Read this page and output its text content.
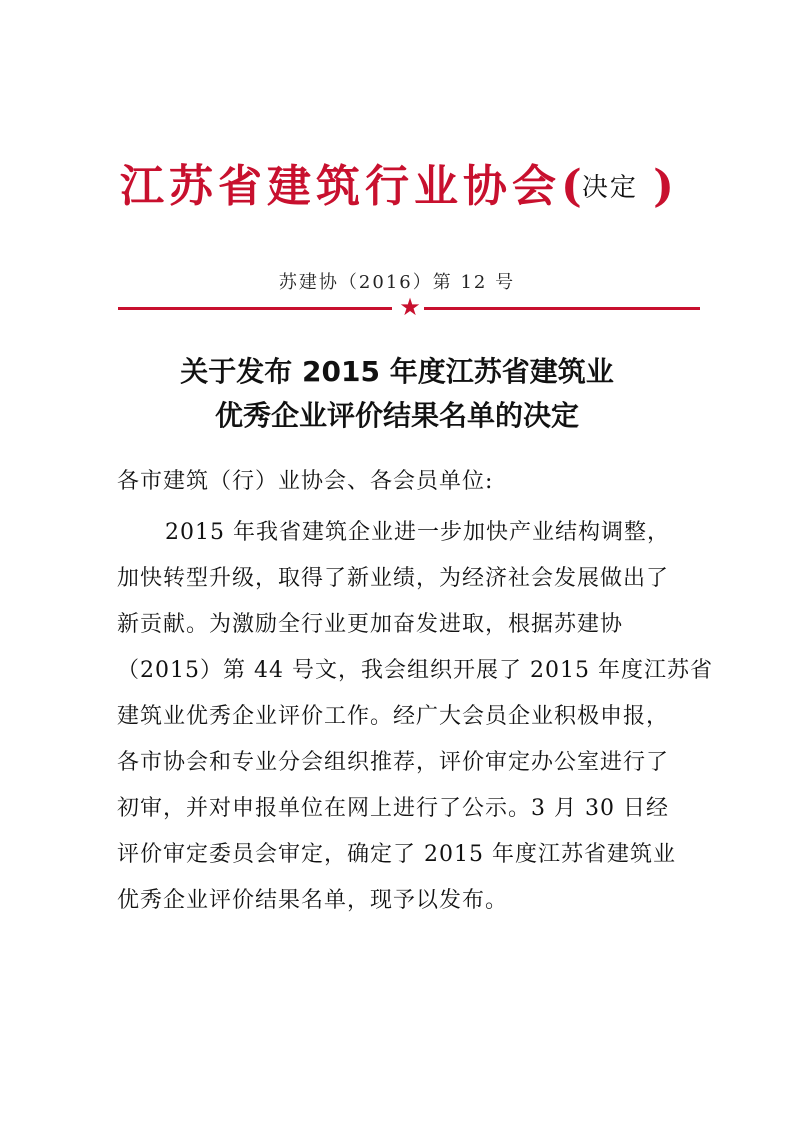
江苏省建筑行业协会(决定 )
苏建协（2016）第 12 号
★
关于发布 2015 年度江苏省建筑业
优秀企业评价结果名单的决定
各市建筑（行）业协会、各会员单位:
2015 年我省建筑企业进一步加快产业结构调整，
加快转型升级，取得了新业绩，为经济社会发展做出了
新贡献。为激励全行业更加奋发进取，根据苏建协
（2015）第 44 号文，我会组织开展了 2015 年度江苏省
建筑业优秀企业评价工作。经广大会员企业积极申报，
各市协会和专业分会组织推荐，评价审定办公室进行了
初审，并对申报单位在网上进行了公示。3 月 30 日经
评价审定委员会审定，确定了 2015 年度江苏省建筑业
优秀企业评价结果名单，现予以发布。
